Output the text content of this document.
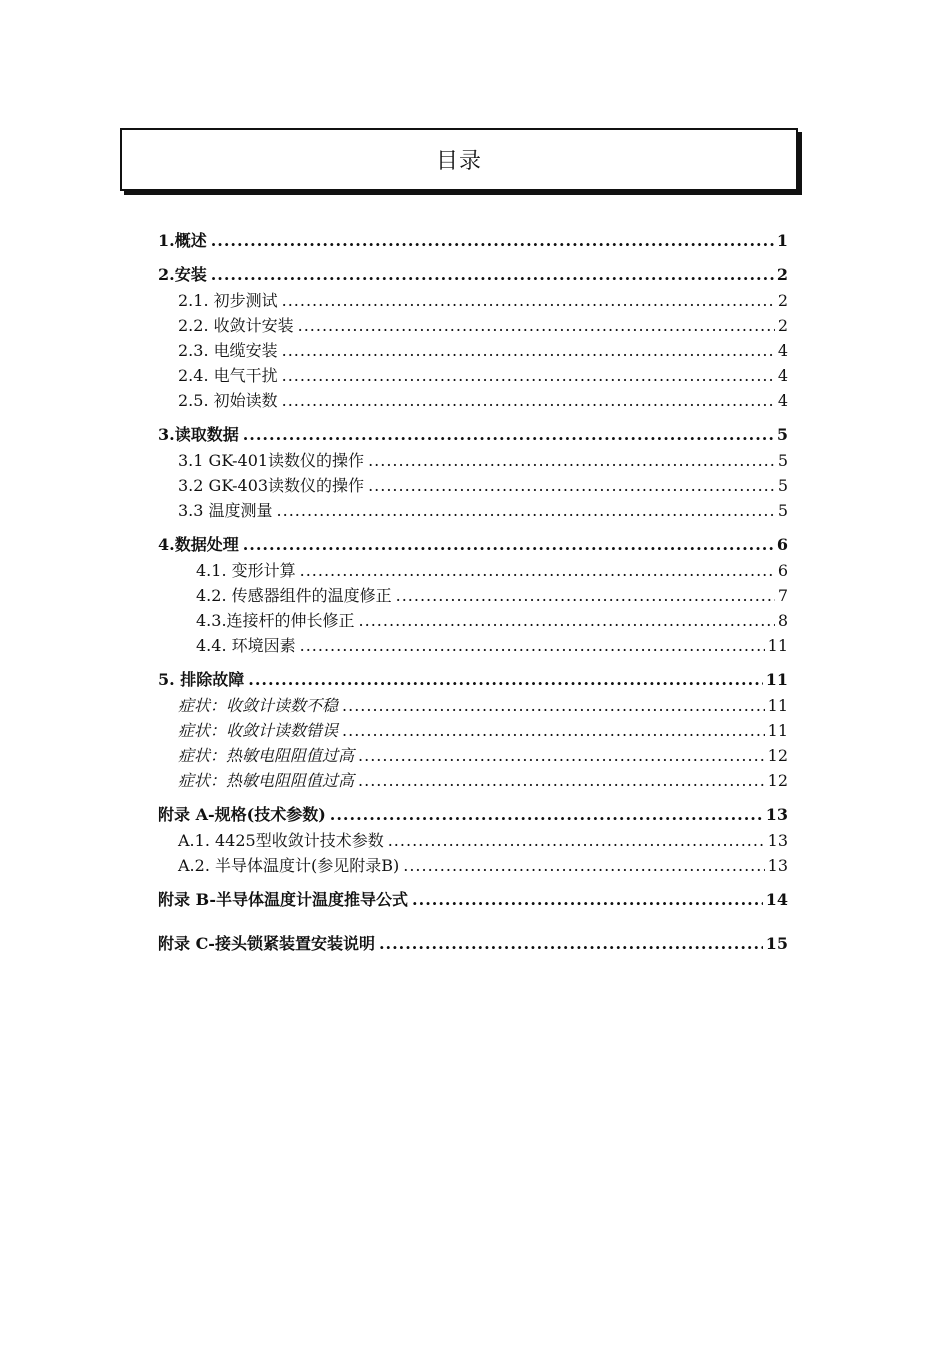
目录
1.概述 .....	1
2.安装 .....	2
2.1. 初步测试 .....	2
2.2. 收敛计安装 .....	2
2.3. 电缆安装 .....	4
2.4. 电气干扰 .....	4
2.5. 初始读数 .....	4
3.读取数据 .....	5
3.1 GK-401读数仪的操作 .....	5
3.2 GK-403读数仪的操作 .....	5
3.3 温度测量 .....	5
4.数据处理 .....	6
4.1. 变形计算 .....	6
4.2. 传感器组件的温度修正 .....	7
4.3.连接杆的伸长修正 .....	8
4.4. 环境因素 .....	11
5. 排除故障 .....	11
症状：收敛计读数不稳 .....	11
症状：收敛计读数错误 .....	11
症状：热敏电阻阻值过高 .....	12
症状：热敏电阻阻值过高 .....	12
附录 A-规格(技术参数) .....	13
A.1. 4425型收敛计技术参数 .....	13
A.2. 半导体温度计(参见附录B) .....	13
附录 B-半导体温度计温度推导公式 .....	14
附录 C-接头锁紧装置安装说明 .....	15
